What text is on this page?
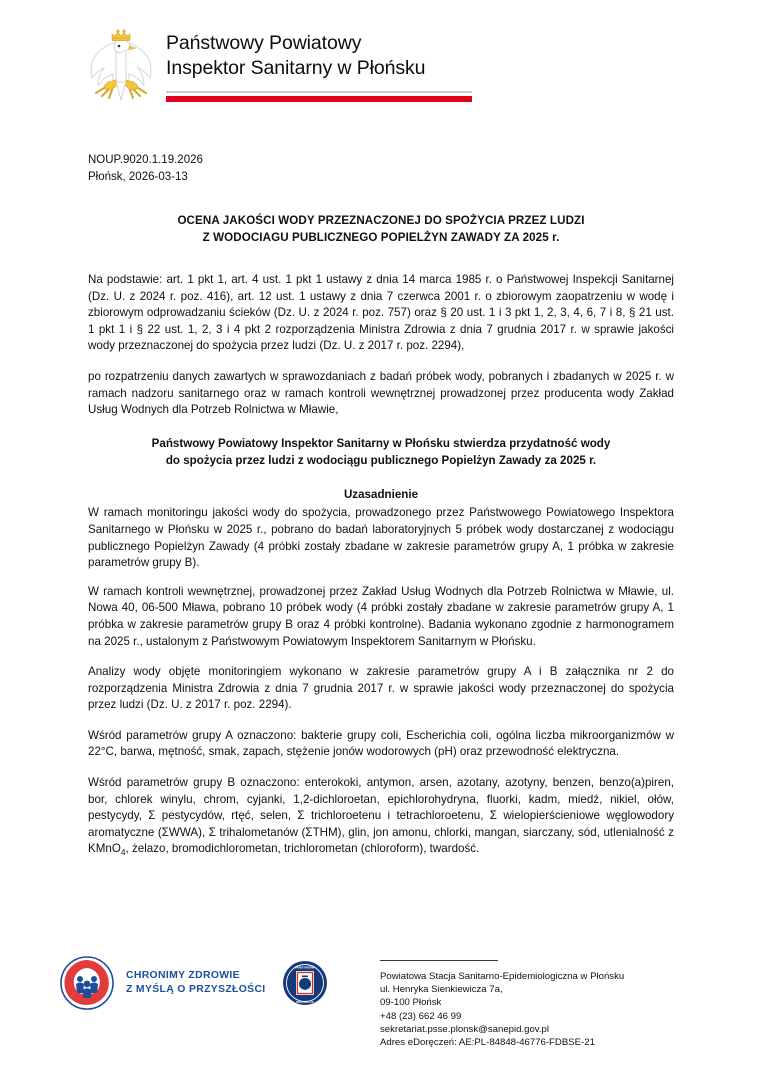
Państwowy Powiatowy
Inspektor Sanitarny w Płońsku
NOUP.9020.1.19.2026
Płońsk, 2026-03-13
OCENA JAKOŚCI WODY PRZEZNACZONEJ DO SPOŻYCIA PRZEZ LUDZI
Z WODOCIAGU PUBLICZNEGO POPIELŻYN ZAWADY ZA 2025 r.

Na podstawie: art. 1 pkt 1, art. 4 ust. 1 pkt 1 ustawy z dnia 14 marca 1985 r. o Państwowej Inspekcji Sanitarnej (Dz. U. z 2024 r. poz. 416), art. 12 ust. 1 ustawy z dnia 7 czerwca 2001 r. o zbiorowym zaopatrzeniu w wodę i zbiorowym odprowadzaniu ścieków (Dz. U. z 2024 r. poz. 757) oraz § 20 ust. 1 i 3 pkt 1, 2, 3, 4, 6, 7 i 8, § 21 ust. 1 pkt 1 i § 22 ust. 1, 2, 3 i 4 pkt 2 rozporządzenia Ministra Zdrowia z dnia 7 grudnia 2017 r. w sprawie jakości wody przeznaczonej do spożycia przez ludzi (Dz. U. z 2017 r. poz. 2294),

po rozpatrzeniu danych zawartych w sprawozdaniach z badań próbek wody, pobranych i zbadanych w 2025 r. w ramach nadzoru sanitarnego oraz w ramach kontroli wewnętrznej prowadzonej przez producenta wody Zakład Usług Wodnych dla Potrzeb Rolnictwa w Mławie,

Państwowy Powiatowy Inspektor Sanitarny w Płońsku stwierdza przydatność wody
do spożycia przez ludzi z wodociągu publicznego Popielżyn Zawady za 2025 r.
Uzasadnienie

W ramach monitoringu jakości wody do spożycia, prowadzonego przez Państwowego Powiatowego Inspektora Sanitarnego w Płońsku w 2025 r., pobrano do badań laboratoryjnych 5 próbek wody dostarczanej z wodociągu publicznego Popielżyn Zawady (4 próbki zostały zbadane w zakresie parametrów grupy A, 1 próbka w zakresie parametrów grupy B).

W ramach kontroli wewnętrznej, prowadzonej przez Zakład Usług Wodnych dla Potrzeb Rolnictwa w Mławie, ul. Nowa 40, 06-500 Mława, pobrano 10 próbek wody (4 próbki zostały zbadane w zakresie parametrów grupy A, 1 próbka w zakresie parametrów grupy B oraz 4 próbki kontrolne). Badania wykonano zgodnie z harmonogramem na 2025 r., ustalonym z Państwowym Powiatowym Inspektorem Sanitarnym w Płońsku.

Analizy wody objęte monitoringiem wykonano w zakresie parametrów grupy A i B załącznika nr 2 do rozporządzenia Ministra Zdrowia z dnia 7 grudnia 2017 r. w sprawie jakości wody przeznaczonej do spożycia przez ludzi (Dz. U. z 2017 r. poz. 2294).

Wśród parametrów grupy A oznaczono: bakterie grupy coli, Escherichia coli, ogólna liczba mikroorganizmów w 22°C, barwa, mętność, smak, zapach, stężenie jonów wodorowych (pH) oraz przewodność elektryczna.

Wśród parametrów grupy B oznaczono: enterokoki, antymon, arsen, azotany, azotyny, benzen, benzo(a)piren, bor, chlorek winylu, chrom, cyjanki, 1,2-dichloroetan, epichlorohydryna, fluorki, kadm, miedź, nikiel, ołów, pestycydy, Σ pestycydów, rtęć, selen, Σ trichloroetenu i tetrachloroetenu, Σ wielopierścieniowe węglowodory aromatyczne (ΣWWA), Σ trihalometanów (ΣTHM), glin, jon amonu, chlorki, mangan, siarczany, sód, utlenialność z KMnO$_4$, żelazo, bromodichlorometan, trichlorometan (chloroform), twardość.

CHRONIMY ZDROWIE
Z MYŚLĄ O PRZYSZŁOŚCI
PAŃSTWOWA
INSPEKCJA
Powiatowa Stacja Sanitarno-Epidemiologiczna w Płońsku
ul. Henryka Sienkiewicza 7a,
09-100 Płońsk
+48 (23) 662 46 99
sekretariat.psse.plonsk@sanepid.gov.pl
Adres eDoręczeń: AE:PL-84848-46776-FDBSE-21
